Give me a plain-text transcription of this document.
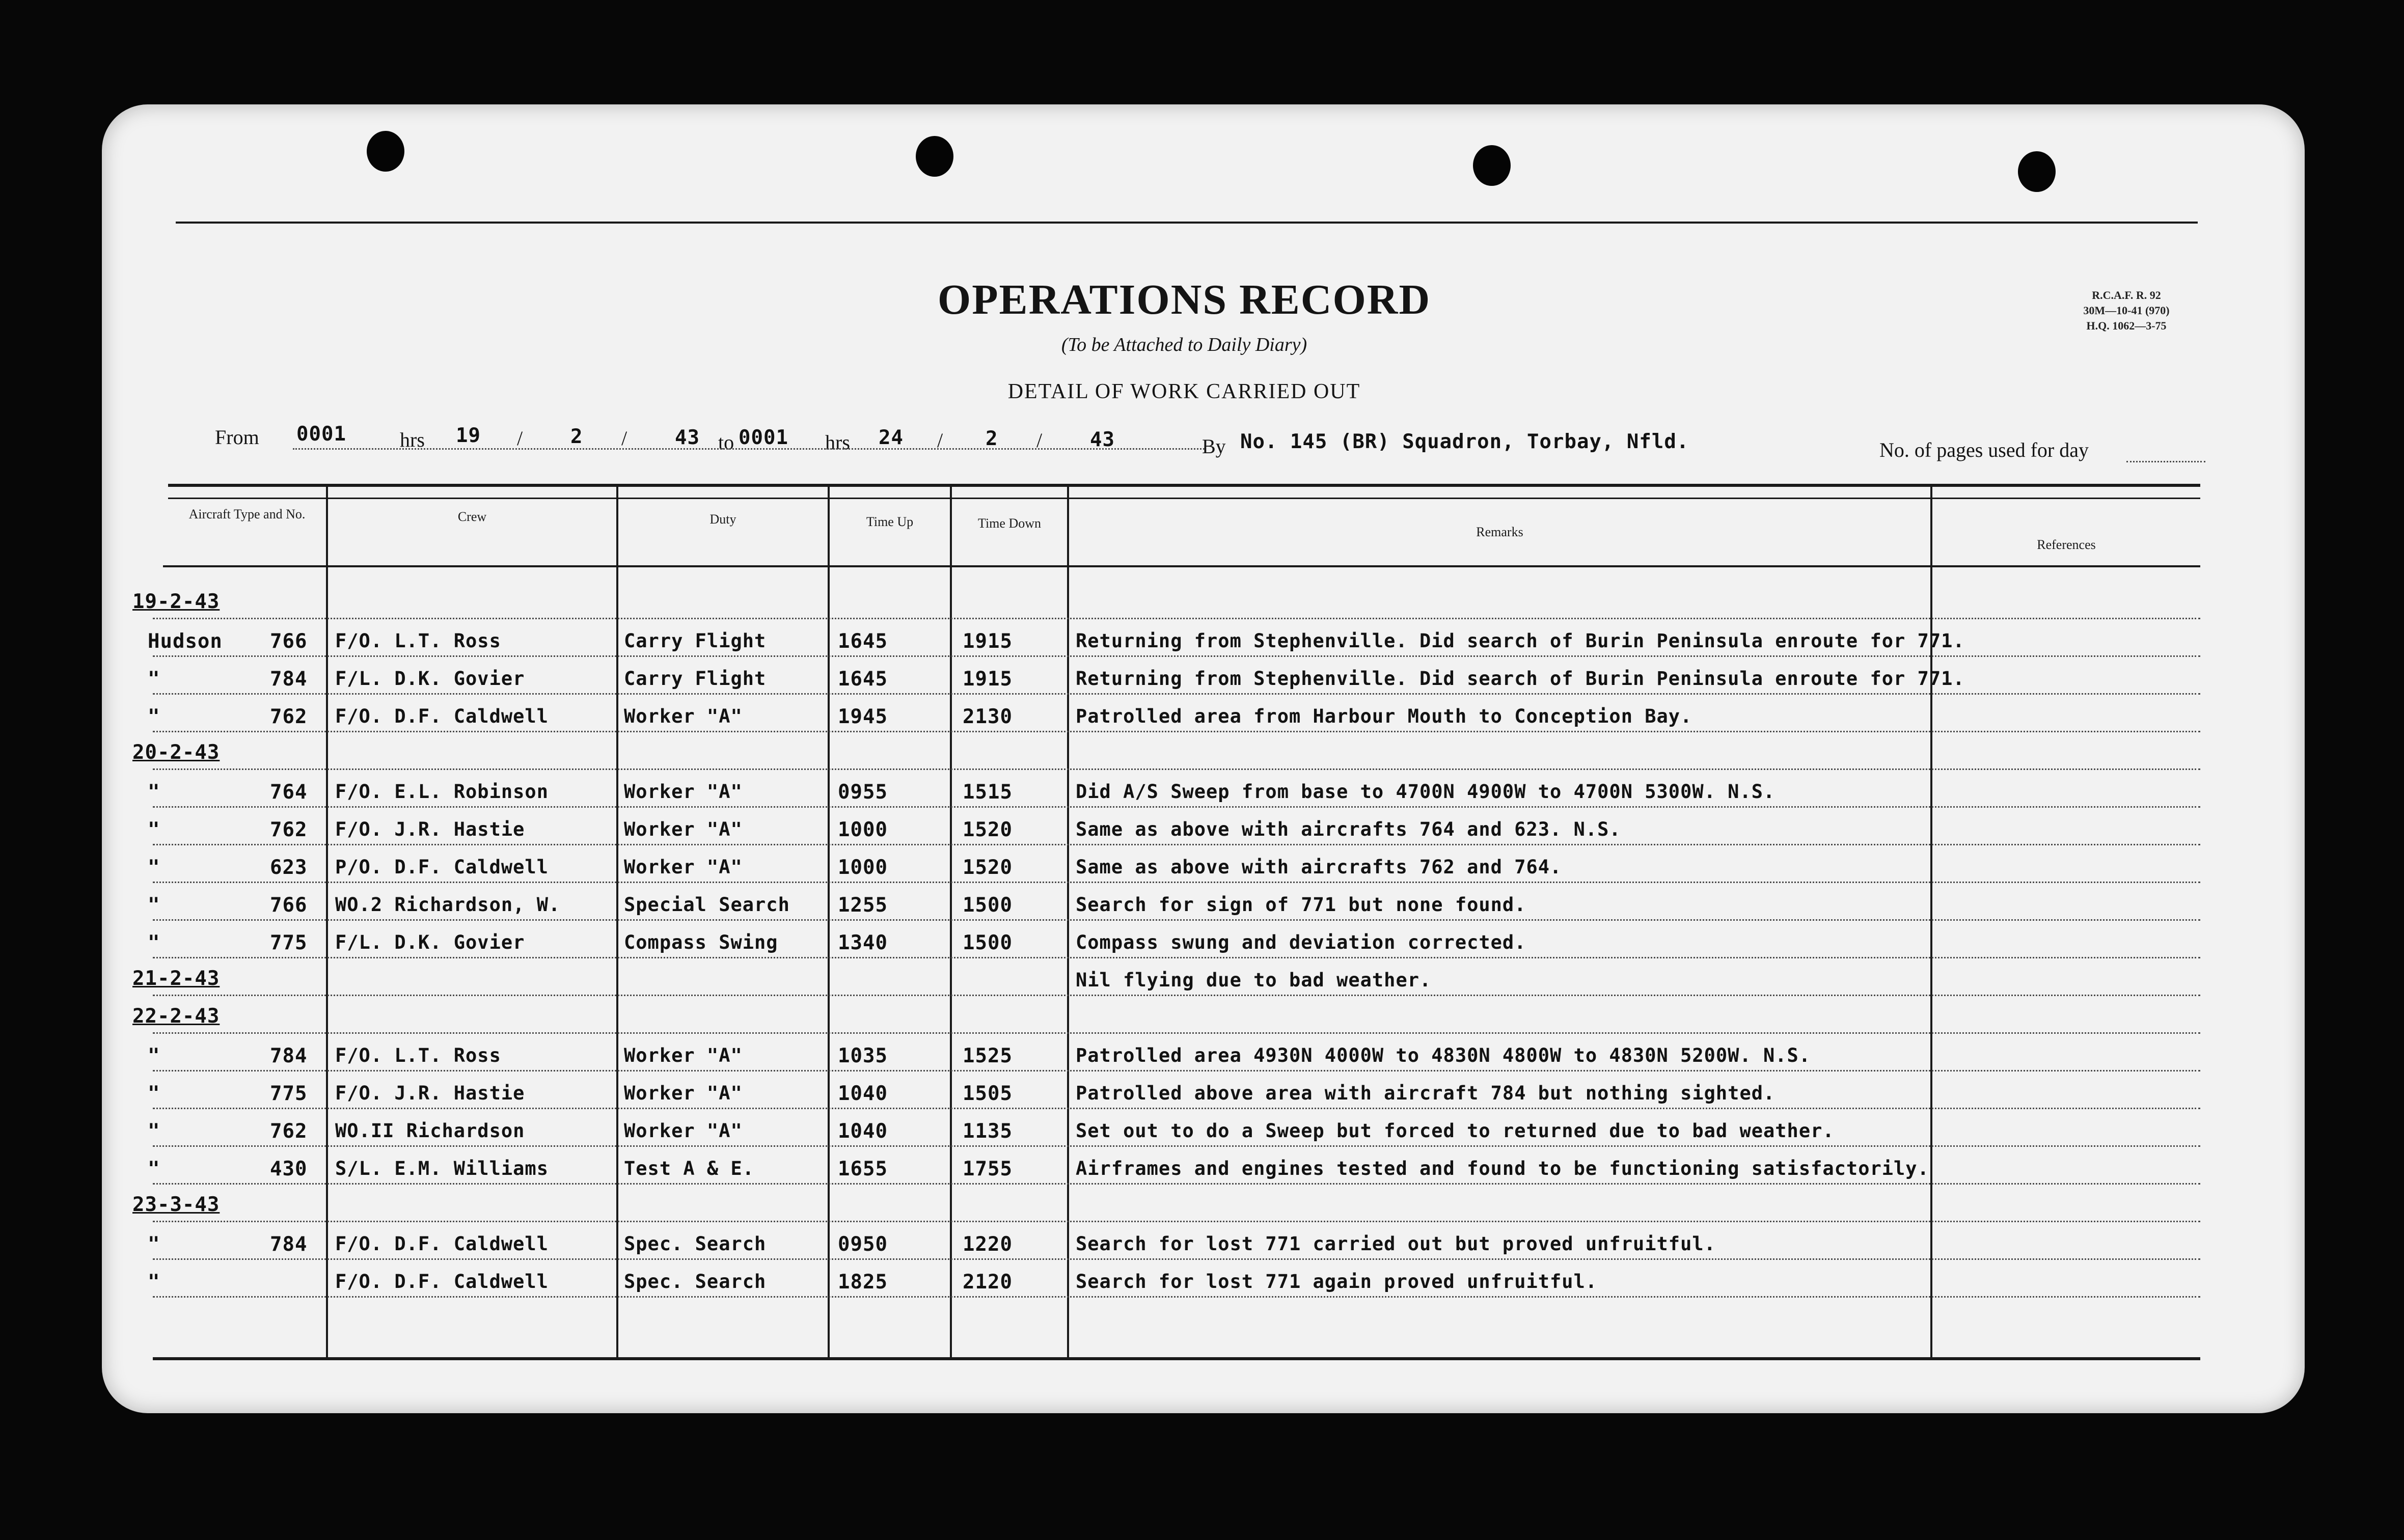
OPERATIONS RECORD
(To be Attached to Daily Diary)
DETAIL OF WORK CARRIED OUT
R.C.A.F. R. 92
30M—10-41 (970)
H.Q. 1062—3-75
From 0001	hrs 19 / 2 / 43 to 0001 hrs 24 / 2 / 43	By No. 145 (BR) Squadron, Torbay, Nfld.	No. of pages used for day
Aircraft Type and No.	Crew	Duty	Time Up	Time Down
Remarks
References
19-2-43
Hudson 766 F/O. L.T. Ross	Carry Flight	1645	1915	Returning from Stephenville. Did search of Burin Peninsula enroute for 771.
"	784 F/L. D.K. Govier	Carry Flight	1645	1915	Returning from Stephenville. Did search of Burin Peninsula enroute for 771.
"	762 F/O. D.F. Caldwell	Worker "A"	1945	2130	Patrolled area from Harbour Mouth to Conception Bay.
20-2-43
"	764 F/O. E.L. Robinson	Worker "A"	0955	1515	Did A/S Sweep from base to 4700N 4900W to 4700N 5300W. N.S.
"	762 F/O. J.R. Hastie	Worker "A"	1000	1520	Same as above with aircrafts 764 and 623. N.S.
"	623 P/O. D.F. Caldwell	Worker "A"	1000	1520	Same as above with aircrafts 762 and 764.
"	766 WO.2 Richardson, W.	Special Search 1255	1500	Search for sign of 771 but none found.
"	775 F/L. D.K. Govier	Compass Swing	1340	1500	Compass swung and deviation corrected.
21-2-43	Nil flying due to bad weather.
22-2-43
"	784 F/O. L.T. Ross	Worker "A"	1035	1525	Patrolled area 4930N 4000W to 4830N 4800W to 4830N 5200W. N.S.
"	775 F/O. J.R. Hastie	Worker "A"	1040	1505	Patrolled above area with aircraft 784 but nothing sighted.
"	762 WO.II Richardson	Worker "A"	1040	1135	Set out to do a Sweep but forced to returned due to bad weather.
"	430 S/L. E.M. Williams	Test A & E.	1655	1755	Airframes and engines tested and found to be functioning satisfactorily.
23-3-43
"	784 F/O. D.F. Caldwell	Spec. Search	0950	1220	Search for lost 771 carried out but proved unfruitful.
"	F/O. D.F. Caldwell	Spec. Search	1825	2120	Search for lost 771 again proved unfruitful.
